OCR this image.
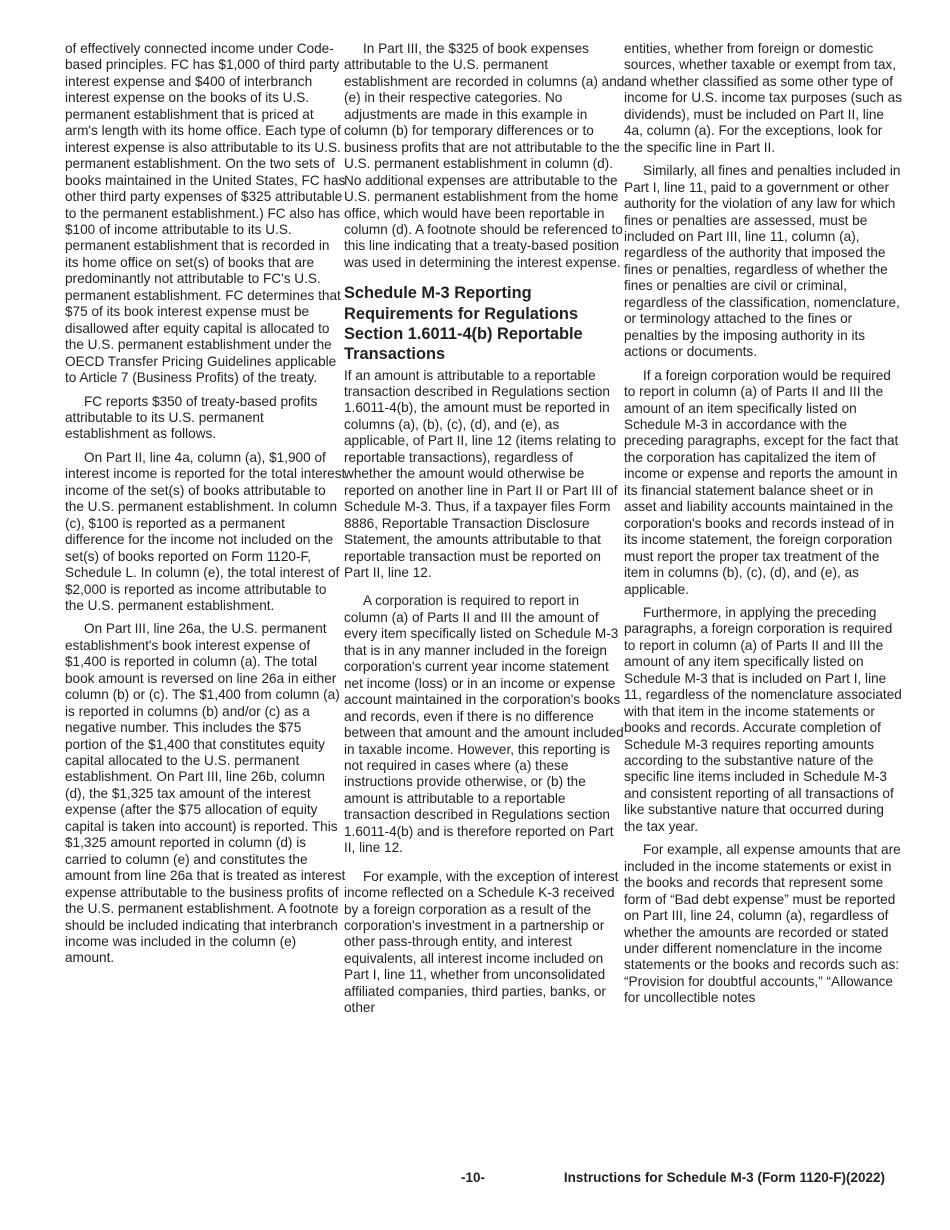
of effectively connected income under Code-based principles. FC has $1,000 of third party interest expense and $400 of interbranch interest expense on the books of its U.S. permanent establishment that is priced at arm's length with its home office. Each type of interest expense is also attributable to its U.S. permanent establishment. On the two sets of books maintained in the United States, FC has other third party expenses of $325 attributable to the permanent establishment.) FC also has $100 of income attributable to its U.S. permanent establishment that is recorded in its home office on set(s) of books that are predominantly not attributable to FC's U.S. permanent establishment. FC determines that $75 of its book interest expense must be disallowed after equity capital is allocated to the U.S. permanent establishment under the OECD Transfer Pricing Guidelines applicable to Article 7 (Business Profits) of the treaty.

FC reports $350 of treaty-based profits attributable to its U.S. permanent establishment as follows.

On Part II, line 4a, column (a), $1,900 of interest income is reported for the total interest income of the set(s) of books attributable to the U.S. permanent establishment. In column (c), $100 is reported as a permanent difference for the income not included on the set(s) of books reported on Form 1120-F, Schedule L. In column (e), the total interest of $2,000 is reported as income attributable to the U.S. permanent establishment.

On Part III, line 26a, the U.S. permanent establishment's book interest expense of $1,400 is reported in column (a). The total book amount is reversed on line 26a in either column (b) or (c). The $1,400 from column (a) is reported in columns (b) and/or (c) as a negative number. This includes the $75 portion of the $1,400 that constitutes equity capital allocated to the U.S. permanent establishment. On Part III, line 26b, column (d), the $1,325 tax amount of the interest expense (after the $75 allocation of equity capital is taken into account) is reported. This $1,325 amount reported in column (d) is carried to column (e) and constitutes the amount from line 26a that is treated as interest expense attributable to the business profits of the U.S. permanent establishment. A footnote should be included indicating that interbranch income was included in the column (e) amount.

In Part III, the $325 of book expenses attributable to the U.S. permanent establishment are recorded in columns (a) and (e) in their respective categories. No adjustments are made in this example in column (b) for temporary differences or to business profits that are not attributable to the U.S. permanent establishment in column (d). No additional expenses are attributable to the U.S. permanent establishment from the home office, which would have been reportable in column (d). A footnote should be referenced to this line indicating that a treaty-based position was used in determining the interest expense.

Schedule M-3 Reporting Requirements for Regulations Section 1.6011-4(b) Reportable Transactions

If an amount is attributable to a reportable transaction described in Regulations section 1.6011-4(b), the amount must be reported in columns (a), (b), (c), (d), and (e), as applicable, of Part II, line 12 (items relating to reportable transactions), regardless of whether the amount would otherwise be reported on another line in Part II or Part III of Schedule M-3. Thus, if a taxpayer files Form 8886, Reportable Transaction Disclosure Statement, the amounts attributable to that reportable transaction must be reported on Part II, line 12.

A corporation is required to report in column (a) of Parts II and III the amount of every item specifically listed on Schedule M-3 that is in any manner included in the foreign corporation's current year income statement net income (loss) or in an income or expense account maintained in the corporation's books and records, even if there is no difference between that amount and the amount included in taxable income. However, this reporting is not required in cases where (a) these instructions provide otherwise, or (b) the amount is attributable to a reportable transaction described in Regulations section 1.6011-4(b) and is therefore reported on Part II, line 12.

For example, with the exception of interest income reflected on a Schedule K-3 received by a foreign corporation as a result of the corporation's investment in a partnership or other pass-through entity, and interest equivalents, all interest income included on Part I, line 11, whether from unconsolidated affiliated companies, third parties, banks, or other

entities, whether from foreign or domestic sources, whether taxable or exempt from tax, and whether classified as some other type of income for U.S. income tax purposes (such as dividends), must be included on Part II, line 4a, column (a). For the exceptions, look for the specific line in Part II.

Similarly, all fines and penalties included in Part I, line 11, paid to a government or other authority for the violation of any law for which fines or penalties are assessed, must be included on Part III, line 11, column (a), regardless of the authority that imposed the fines or penalties, regardless of whether the fines or penalties are civil or criminal, regardless of the classification, nomenclature, or terminology attached to the fines or penalties by the imposing authority in its actions or documents.

If a foreign corporation would be required to report in column (a) of Parts II and III the amount of an item specifically listed on Schedule M-3 in accordance with the preceding paragraphs, except for the fact that the corporation has capitalized the item of income or expense and reports the amount in its financial statement balance sheet or in asset and liability accounts maintained in the corporation's books and records instead of in its income statement, the foreign corporation must report the proper tax treatment of the item in columns (b), (c), (d), and (e), as applicable.

Furthermore, in applying the preceding paragraphs, a foreign corporation is required to report in column (a) of Parts II and III the amount of any item specifically listed on Schedule M-3 that is included on Part I, line 11, regardless of the nomenclature associated with that item in the income statements or books and records. Accurate completion of Schedule M-3 requires reporting amounts according to the substantive nature of the specific line items included in Schedule M-3 and consistent reporting of all transactions of like substantive nature that occurred during the tax year.

For example, all expense amounts that are included in the income statements or exist in the books and records that represent some form of “Bad debt expense” must be reported on Part III, line 24, column (a), regardless of whether the amounts are recorded or stated under different nomenclature in the income statements or the books and records such as: “Provision for doubtful accounts,” “Allowance for uncollectible notes

-10-	Instructions for Schedule M-3 (Form 1120-F)(2022)
